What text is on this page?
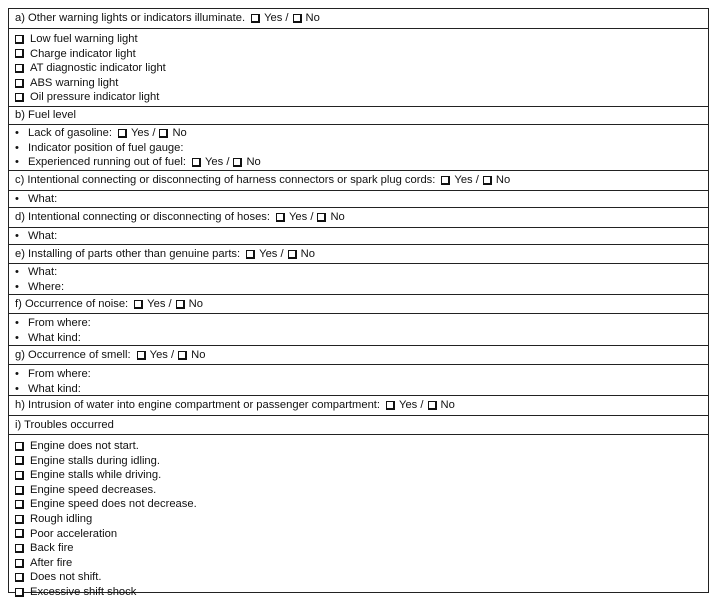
a) Other warning lights or indicators illuminate. Yes / No
Low fuel warning light
Charge indicator light
AT diagnostic indicator light
ABS warning light
Oil pressure indicator light
b) Fuel level
• Lack of gasoline: Yes / No
• Indicator position of fuel gauge:
• Experienced running out of fuel: Yes / No
c) Intentional connecting or disconnecting of harness connectors or spark plug cords: Yes / No
• What:
d) Intentional connecting or disconnecting of hoses: Yes / No
• What:
e) Installing of parts other than genuine parts: Yes / No
• What:
• Where:
f) Occurrence of noise: Yes / No
• From where:
• What kind:
g) Occurrence of smell: Yes / No
• From where:
• What kind:
h) Intrusion of water into engine compartment or passenger compartment: Yes / No
i) Troubles occurred
Engine does not start.
Engine stalls during idling.
Engine stalls while driving.
Engine speed decreases.
Engine speed does not decrease.
Rough idling
Poor acceleration
Back fire
After fire
Does not shift.
Excessive shift shock
